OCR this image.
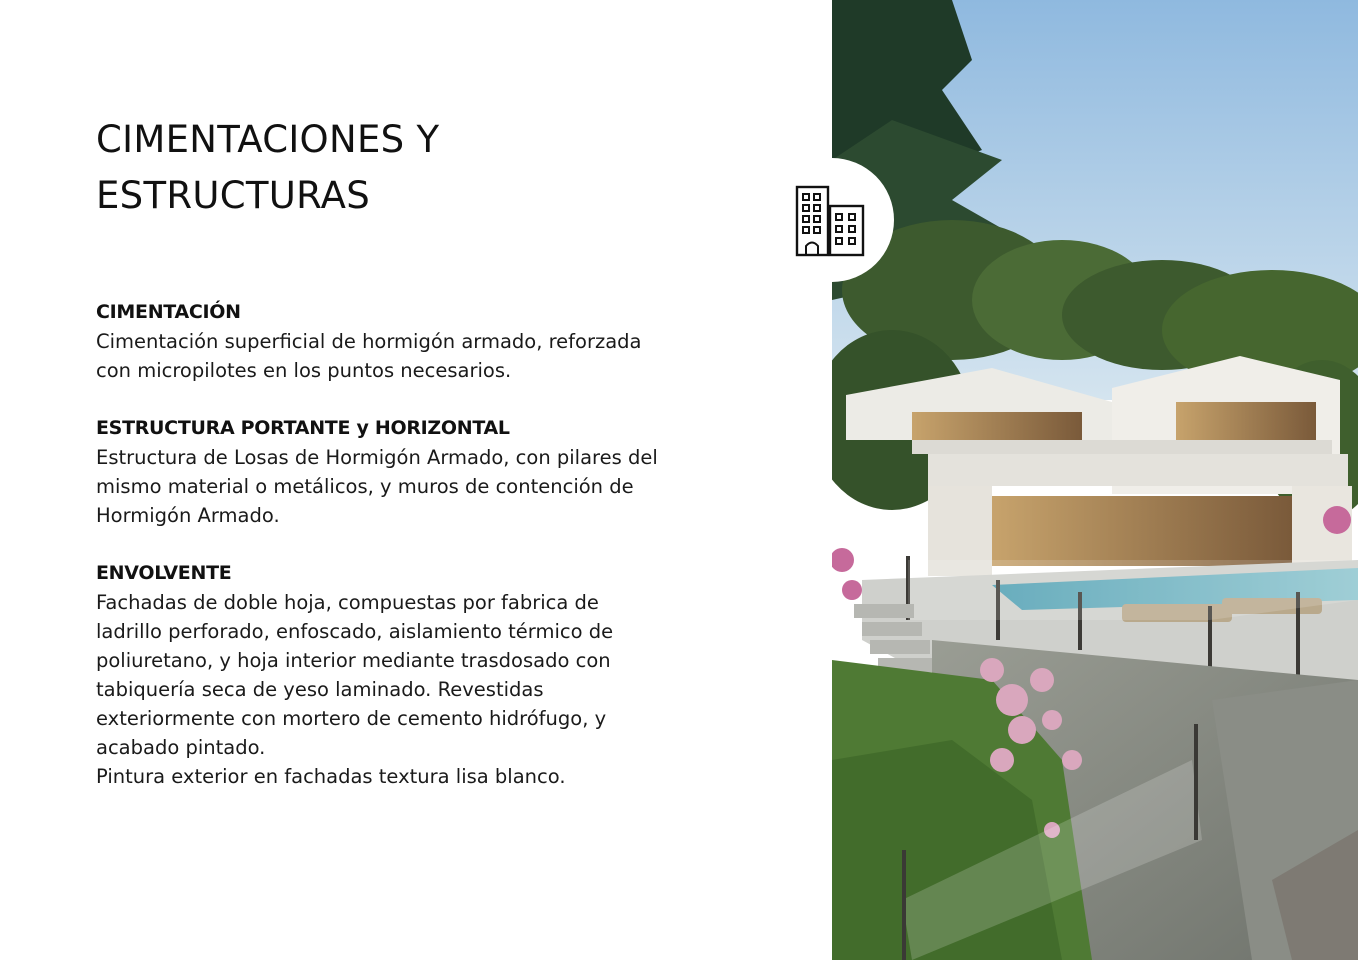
CIMENTACIONES Y
ESTRUCTURAS

CIMENTACIÓN

Cimentación superficial de hormigón armado, reforzada
con micropilotes en los puntos necesarios.

ESTRUCTURA PORTANTE y HORIZONTAL

Estructura de Losas de Hormigón Armado, con pilares del
mismo material o metálicos, y muros de contención de
Hormigón Armado.

ENVOLVENTE

Fachadas de doble hoja, compuestas por fabrica de
ladrillo perforado, enfoscado, aislamiento térmico de
poliuretano, y hoja interior mediante trasdosado con
tabiquería seca de yeso laminado. Revestidas
exteriormente con mortero de cemento hidrófugo, y
acabado pintado.
Pintura exterior en fachadas textura lisa blanco.
